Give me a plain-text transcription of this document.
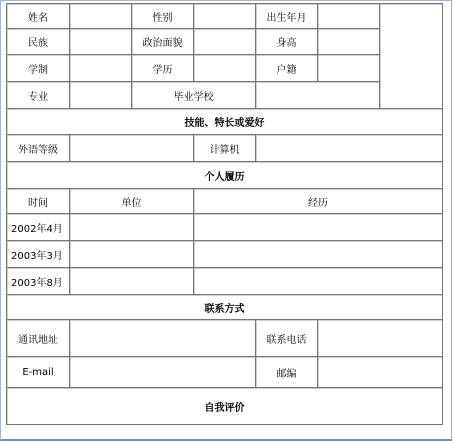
姓名		性别		出生年月		
民族		政治面貌		身高		
学制		学历		户籍		
专业		毕业学校				
技能、特长或爱好						
外语等级			计算机			
个人履历						
时间	单位		经历			
2002年4月						
2003年3月						
2003年8月						
联系方式						
通讯地址				联系电话		
E-mail				邮编		
自我评价						
